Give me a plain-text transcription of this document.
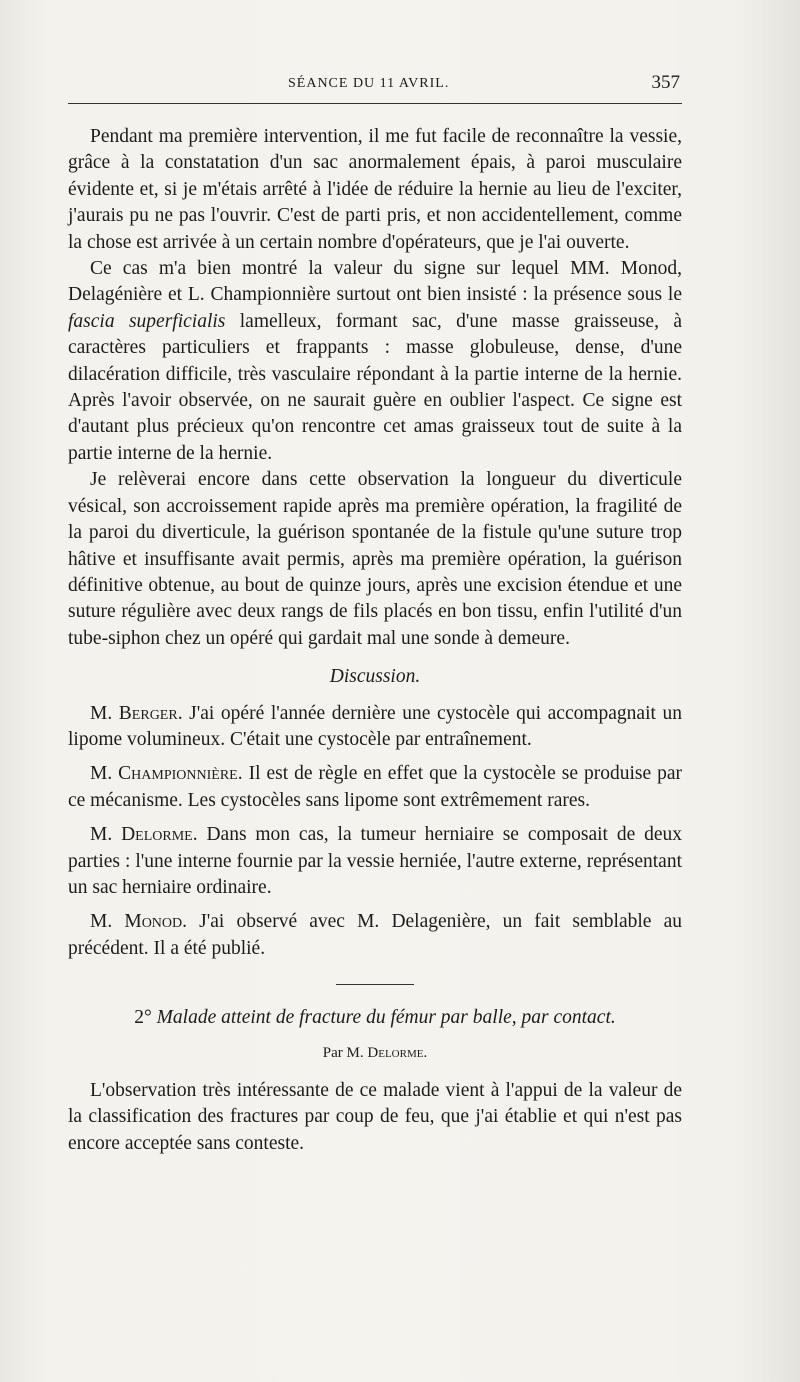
SÉANCE DU 11 AVRIL.	357

Pendant ma première intervention, il me fut facile de reconnaître la vessie, grâce à la constatation d'un sac anormalement épais, à paroi musculaire évidente et, si je m'étais arrêté à l'idée de réduire la hernie au lieu de l'exciter, j'aurais pu ne pas l'ouvrir. C'est de parti pris, et non accidentellement, comme la chose est arrivée à un certain nombre d'opérateurs, que je l'ai ouverte.

Ce cas m'a bien montré la valeur du signe sur lequel MM. Monod, Delagénière et L. Championnière surtout ont bien insisté : la présence sous le fascia superficialis lamelleux, formant sac, d'une masse graisseuse, à caractères particuliers et frappants : masse globuleuse, dense, d'une dilacération difficile, très vasculaire répondant à la partie interne de la hernie. Après l'avoir observée, on ne saurait guère en oublier l'aspect. Ce signe est d'autant plus précieux qu'on rencontre cet amas graisseux tout de suite à la partie interne de la hernie.

Je relèverai encore dans cette observation la longueur du diverticule vésical, son accroissement rapide après ma première opération, la fragilité de la paroi du diverticule, la guérison spontanée de la fistule qu'une suture trop hâtive et insuffisante avait permis, après ma première opération, la guérison définitive obtenue, au bout de quinze jours, après une excision étendue et une suture régulière avec deux rangs de fils placés en bon tissu, enfin l'utilité d'un tube-siphon chez un opéré qui gardait mal une sonde à demeure.

Discussion.

M. Berger. J'ai opéré l'année dernière une cystocèle qui accompagnait un lipome volumineux. C'était une cystocèle par entraînement.

M. Championnière. Il est de règle en effet que la cystocèle se produise par ce mécanisme. Les cystocèles sans lipome sont extrêmement rares.

M. Delorme. Dans mon cas, la tumeur herniaire se composait de deux parties : l'une interne fournie par la vessie herniée, l'autre externe, représentant un sac herniaire ordinaire.

M. Monod. J'ai observé avec M. Delagenière, un fait semblable au précédent. Il a été publié.

2° Malade atteint de fracture du fémur par balle, par contact.

Par M. Delorme.

L'observation très intéressante de ce malade vient à l'appui de la valeur de la classification des fractures par coup de feu, que j'ai établie et qui n'est pas encore acceptée sans conteste.
